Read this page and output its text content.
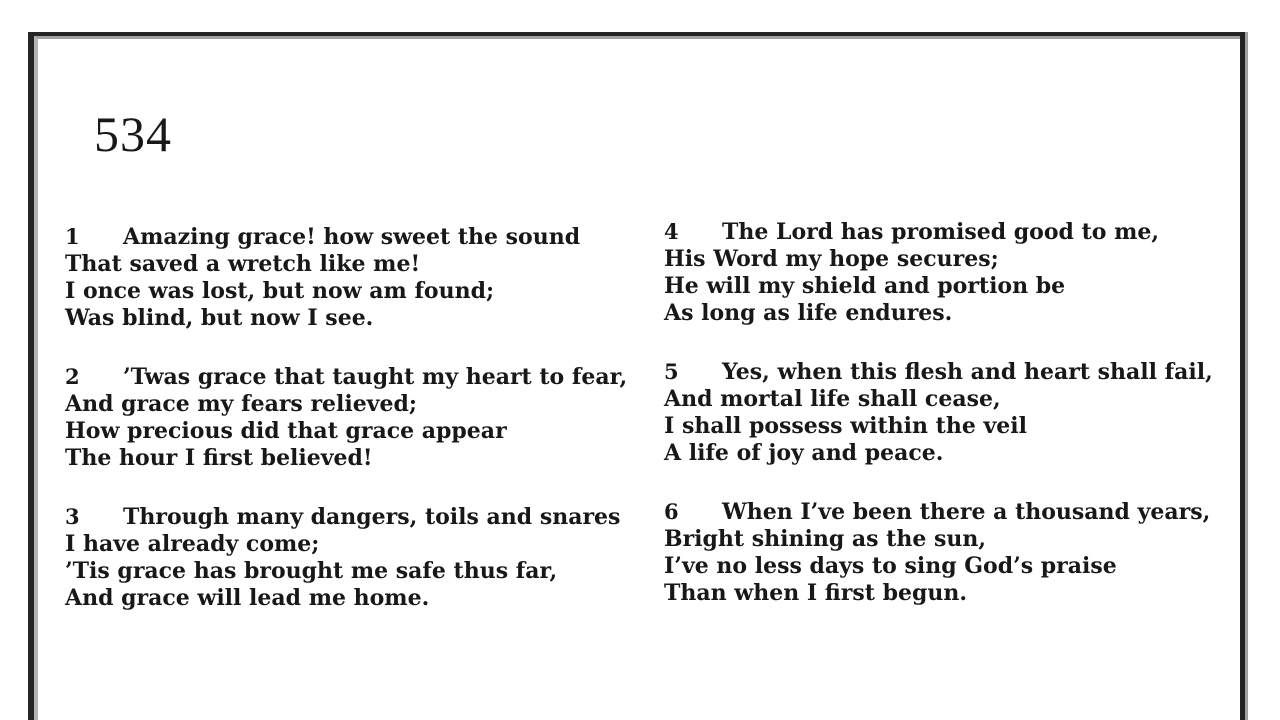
534
1 Amazing grace! how sweet the sound
That saved a wretch like me!
I once was lost, but now am found;
Was blind, but now I see.
2 ’Twas grace that taught my heart to fear,
And grace my fears relieved;
How precious did that grace appear
The hour I first believed!
3 Through many dangers, toils and snares
I have already come;
’Tis grace has brought me safe thus far,
And grace will lead me home.
4 The Lord has promised good to me,
His Word my hope secures;
He will my shield and portion be
As long as life endures.
5 Yes, when this flesh and heart shall fail,
And mortal life shall cease,
I shall possess within the veil
A life of joy and peace.
6 When I’ve been there a thousand years,
Bright shining as the sun,
I’ve no less days to sing God’s praise
Than when I first begun.
